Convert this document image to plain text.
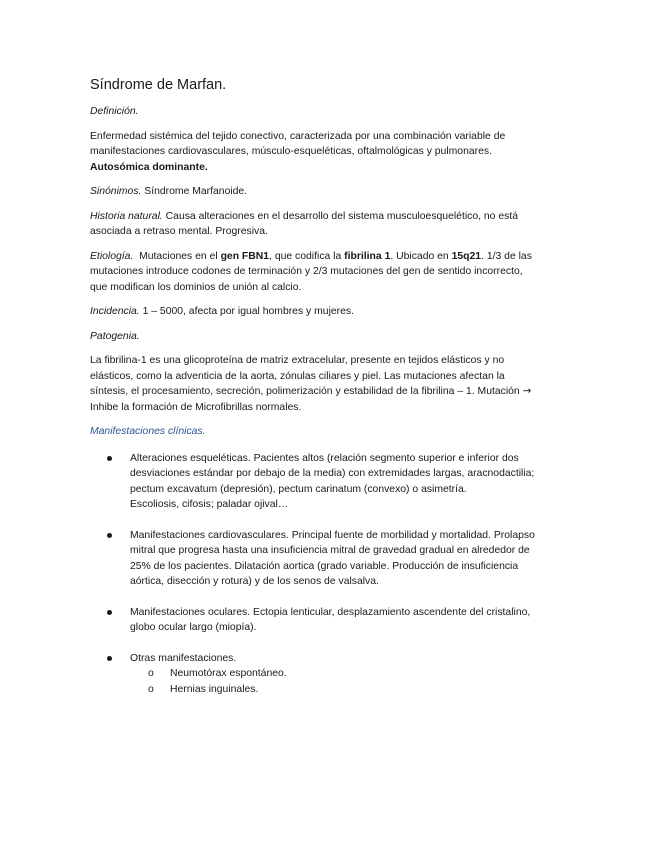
Síndrome de Marfan.

Definición.

Enfermedad sistémica del tejido conectivo, caracterizada por una combinación variable de manifestaciones cardiovasculares, músculo-esqueléticas, oftalmológicas y pulmonares.
Autosómica dominante.

Sinónimos. Síndrome Marfanoide.

Historia natural. Causa alteraciones en el desarrollo del sistema musculoesquelético, no está asociada a retraso mental. Progresiva.

Etiología. Mutaciones en el gen FBN1, que codifica la fibrilina 1. Ubicado en 15q21. 1/3 de las mutaciones introduce codones de terminación y 2/3 mutaciones del gen de sentido incorrecto, que modifican los dominios de unión al calcio.

Incidencia. 1 – 5000, afecta por igual hombres y mujeres.

Patogenia.

La fibrilina-1 es una glicoproteína de matriz extracelular, presente en tejidos elásticos y no elásticos, como la adventicia de la aorta, zónulas ciliares y piel. Las mutaciones afectan la síntesis, el procesamiento, secreción, polimerización y estabilidad de la fibrilina – 1. Mutación → Inhibe la formación de Microfibrillas normales.

Manifestaciones clínicas.

Alteraciones esqueléticas. Pacientes altos (relación segmento superior e inferior dos desviaciones estándar por debajo de la media) con extremidades largas, aracnodactilia; pectum excavatum (depresión), pectum carinatum (convexo) o asimetría.
Escoliosis, cifosis; paladar ojival…
Manifestaciones cardiovasculares. Principal fuente de morbilidad y mortalidad. Prolapso mitral que progresa hasta una insuficiencia mitral de gravedad gradual en alrededor de 25% de los pacientes. Dilatación aortica (grado variable. Producción de insuficiencia aórtica, disección y rotura) y de los senos de valsalva.
Manifestaciones oculares. Ectopia lenticular, desplazamiento ascendente del cristalino, globo ocular largo (miopía).
Otras manifestaciones.
o Neumotórax espontáneo.
o Hernias inguinales.
